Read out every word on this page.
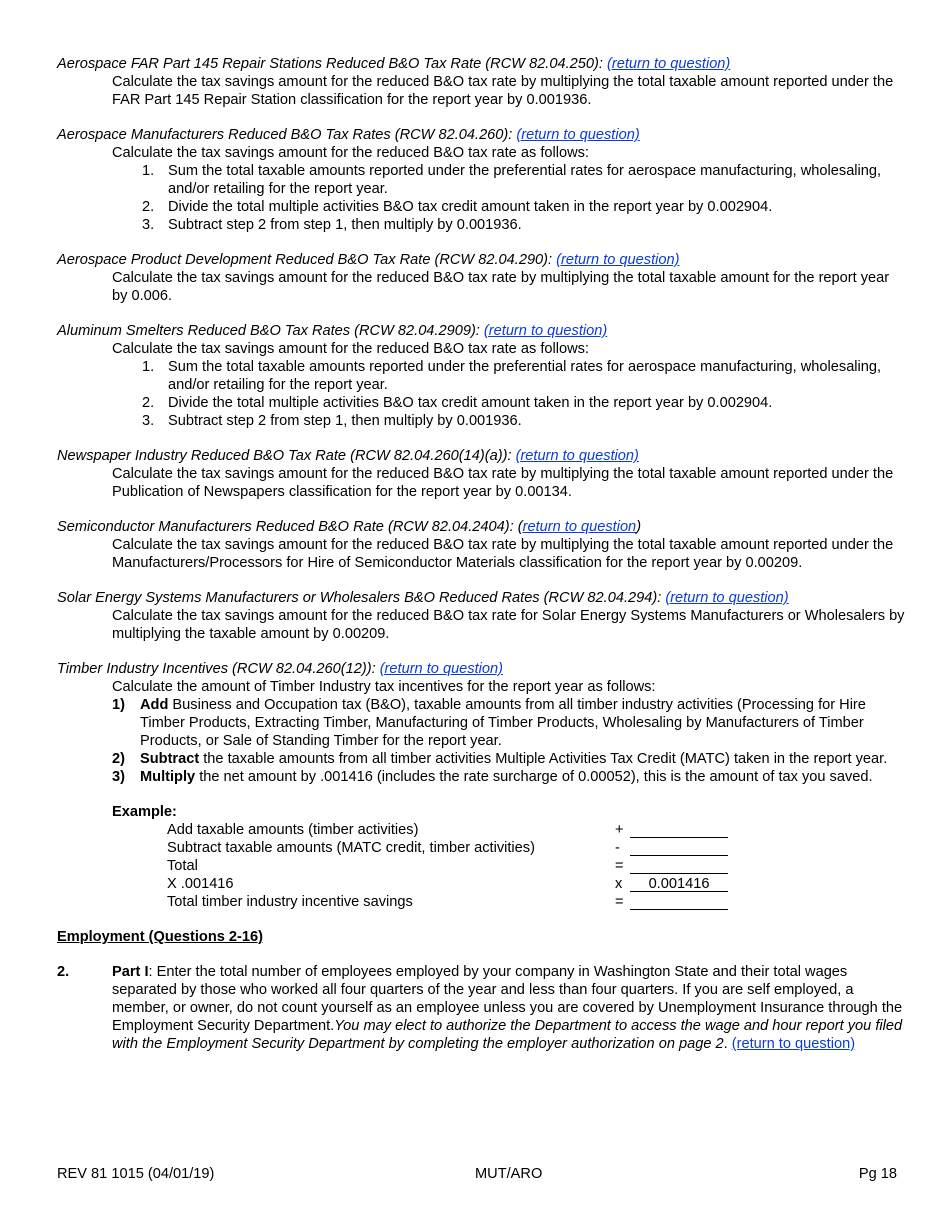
Aerospace FAR Part 145 Repair Stations Reduced B&O Tax Rate (RCW 82.04.250): (return to question)
Calculate the tax savings amount for the reduced B&O tax rate by multiplying the total taxable amount reported under the FAR Part 145 Repair Station classification for the report year by 0.001936.
Aerospace Manufacturers Reduced B&O Tax Rates (RCW 82.04.260): (return to question)
Calculate the tax savings amount for the reduced B&O tax rate as follows:
1. Sum the total taxable amounts reported under the preferential rates for aerospace manufacturing, wholesaling, and/or retailing for the report year.
2. Divide the total multiple activities B&O tax credit amount taken in the report year by 0.002904.
3. Subtract step 2 from step 1, then multiply by 0.001936.
Aerospace Product Development Reduced B&O Tax Rate (RCW 82.04.290): (return to question)
Calculate the tax savings amount for the reduced B&O tax rate by multiplying the total taxable amount for the report year by 0.006.
Aluminum Smelters Reduced B&O Tax Rates (RCW 82.04.2909): (return to question)
Calculate the tax savings amount for the reduced B&O tax rate as follows:
1. Sum the total taxable amounts reported under the preferential rates for aerospace manufacturing, wholesaling, and/or retailing for the report year.
2. Divide the total multiple activities B&O tax credit amount taken in the report year by 0.002904.
3. Subtract step 2 from step 1, then multiply by 0.001936.
Newspaper Industry Reduced B&O Tax Rate (RCW 82.04.260(14)(a)): (return to question)
Calculate the tax savings amount for the reduced B&O tax rate by multiplying the total taxable amount reported under the Publication of Newspapers classification for the report year by 0.00134.
Semiconductor Manufacturers Reduced B&O Rate (RCW 82.04.2404): (return to question)
Calculate the tax savings amount for the reduced B&O tax rate by multiplying the total taxable amount reported under the Manufacturers/Processors for Hire of Semiconductor Materials classification for the report year by 0.00209.
Solar Energy Systems Manufacturers or Wholesalers B&O Reduced Rates (RCW 82.04.294): (return to question)
Calculate the tax savings amount for the reduced B&O tax rate for Solar Energy Systems Manufacturers or Wholesalers by multiplying the taxable amount by 0.00209.
Timber Industry Incentives (RCW 82.04.260(12)): (return to question)
Calculate the amount of Timber Industry tax incentives for the report year as follows:
1) Add Business and Occupation tax (B&O), taxable amounts from all timber industry activities (Processing for Hire Timber Products, Extracting Timber, Manufacturing of Timber Products, Wholesaling by Manufacturers of Timber Products, or Sale of Standing Timber for the report year.
2) Subtract the taxable amounts from all timber activities Multiple Activities Tax Credit (MATC) taken in the report year.
3) Multiply the net amount by .001416 (includes the rate surcharge of 0.00052), this is the amount of tax you saved.
Example:
Add taxable amounts (timber activities)	+
Subtract taxable amounts (MATC credit, timber activities)	-
Total	=
X .001416	x	0.001416
Total timber industry incentive savings	=
Employment (Questions 2-16)
2.	Part I: Enter the total number of employees employed by your company in Washington State and their total wages separated by those who worked all four quarters of the year and less than four quarters. If you are self employed, a member, or owner, do not count yourself as an employee unless you are covered by Unemployment Insurance through the Employment Security Department.You may elect to authorize the Department to access the wage and hour report you filed with the Employment Security Department by completing the employer authorization on page 2. (return to question)
REV 81 1015 (04/01/19)	MUT/ARO	Pg 18
